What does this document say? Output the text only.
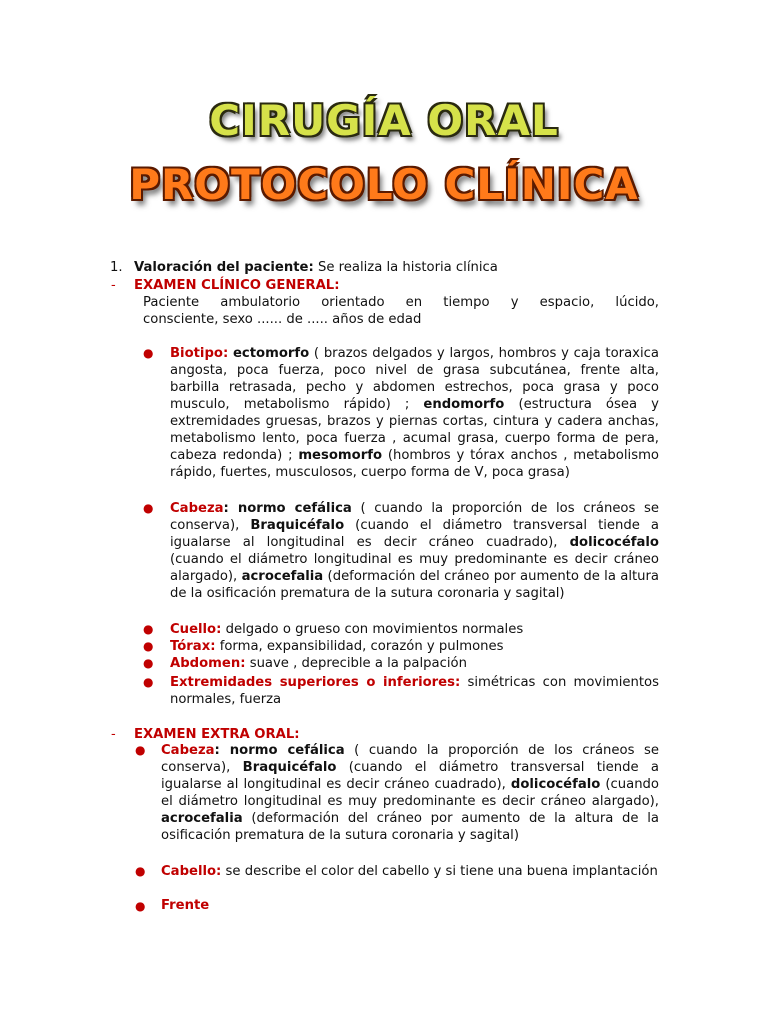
CIRUGÍA ORAL
PROTOCOLO CLÍNICA
1. Valoración del paciente: Se realiza la historia clínica
- EXAMEN CLÍNICO GENERAL:
Paciente ambulatorio orientado en tiempo y espacio, lúcido,
consciente, sexo ...... de ..... años de edad
● Biotipo: ectomorfo ( brazos delgados y largos, hombros y caja toraxica angosta, poca fuerza, poco nivel de grasa subcutánea, frente alta, barbilla retrasada, pecho y abdomen estrechos, poca grasa y poco musculo, metabolismo rápido) ; endomorfo (estructura ósea y extremidades gruesas, brazos y piernas cortas, cintura y cadera anchas, metabolismo lento, poca fuerza , acumal grasa, cuerpo forma de pera, cabeza redonda) ; mesomorfo (hombros y tórax anchos , metabolismo rápido, fuertes, musculosos, cuerpo forma de V, poca grasa)
● Cabeza: normo cefálica ( cuando la proporción de los cráneos se conserva), Braquicéfalo (cuando el diámetro transversal tiende a igualarse al longitudinal es decir cráneo cuadrado), dolicocéfalo (cuando el diámetro longitudinal es muy predominante es decir cráneo alargado), acrocefalia (deformación del cráneo por aumento de la altura de la osificación prematura de la sutura coronaria y sagital)
● Cuello: delgado o grueso con movimientos normales
● Tórax: forma, expansibilidad, corazón y pulmones
● Abdomen: suave , deprecible a la palpación
● Extremidades superiores o inferiores: simétricas con movimientos normales, fuerza
- EXAMEN EXTRA ORAL:
● Cabeza: normo cefálica ( cuando la proporción de los cráneos se conserva), Braquicéfalo (cuando el diámetro transversal tiende a igualarse al longitudinal es decir cráneo cuadrado), dolicocéfalo (cuando el diámetro longitudinal es muy predominante es decir cráneo alargado), acrocefalia (deformación del cráneo por aumento de la altura de la osificación prematura de la sutura coronaria y sagital)
● Cabello: se describe el color del cabello y si tiene una buena implantación
● Frente
